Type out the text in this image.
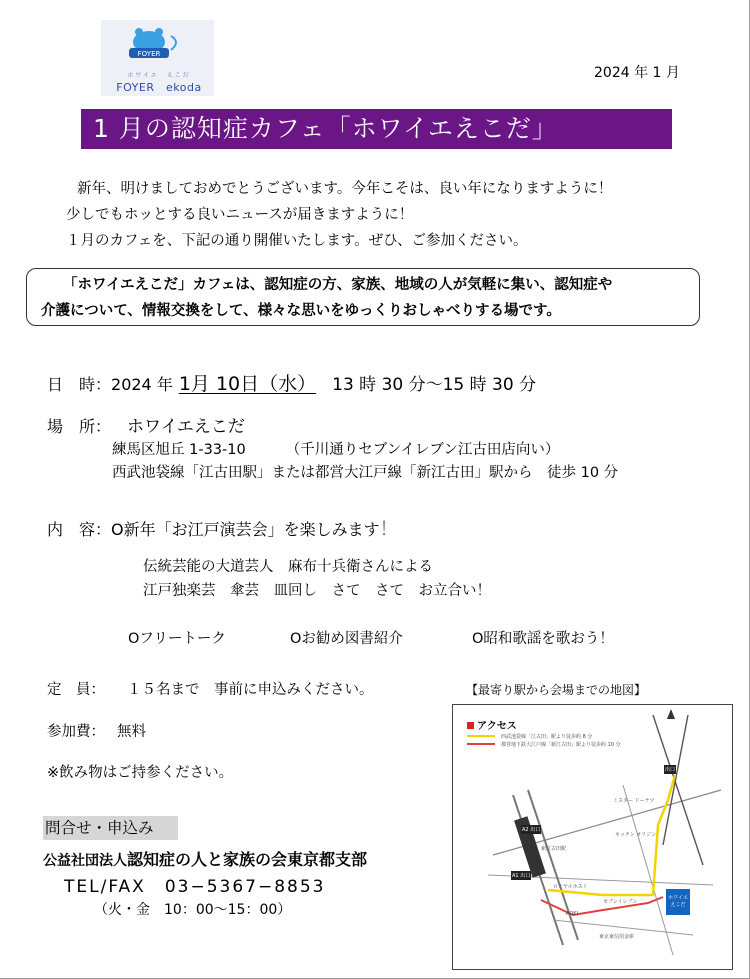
FOYER
ホワイエ　えこだ
FOYER　ekoda
2024 年 1 月
1 月の認知症カフェ「ホワイエえこだ」
新年、明けましておめでとうございます。今年こそは、良い年になりますように！
少しでもホッとする良いニュースが届きますように！
１月のカフェを、下記の通り開催いたします。ぜひ、ご参加ください。
「ホワイエえこだ」カフェは、認知症の方、家族、地域の人が気軽に集い、認知症や
介護について、情報交換をして、様々な思いをゆっくりおしゃべりする場です。
日　時：2024 年 1月 10日（水） 13 時 30 分～15 時 30 分
場　所： ホワイエえこだ
練馬区旭丘 1-33-10	（千川通りセブンイレブン江古田店向い）
西武池袋線「江古田駅」または都営大江戸線「新江古田」駅から　徒歩 10 分
内　容：O新年「お江戸演芸会」を楽しみます！
伝統芸能の大道芸人　麻布十兵衛さんによる
江戸独楽芸　傘芸　皿回し　さて　さて　お立合い！
Oフリートーク	Oお勧め図書紹介	O昭和歌謡を歌おう！
定　員： １５名まで　事前に申込みください。
参加費： 無料
※飲み物はご持参ください。
問合せ・申込み
公益社団法人認知症の人と家族の会東京都支部
TEL/FAX　03−5367−8853
（火・金　10：00〜15：00）
【最寄り駅から会場までの地図】
アクセス
西武池袋線「江古田」駅より徒歩約 8 分
都営地下鉄大江戸線「新江古田」駅より徒歩約 10 分
ミスター ドーナツ
キッチン オリジン
セブンイレブン
ロイヤルホスト
AOKI
東京東信用金庫
新江古田駅
A2 出口
A1 出口
出口
ホワイエ えこだ
